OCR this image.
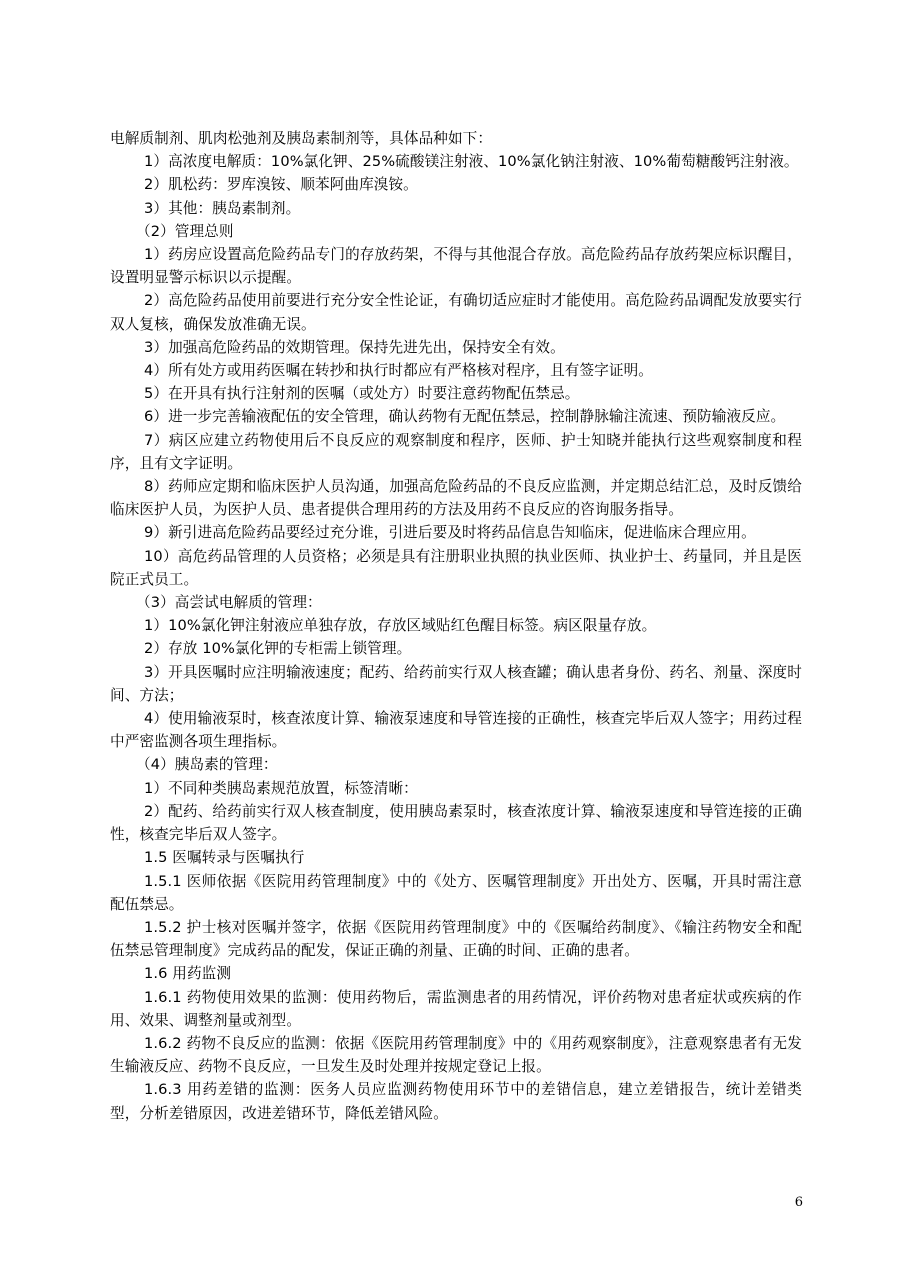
电解质制剂、肌肉松弛剂及胰岛素制剂等，具体品种如下：

1）高浓度电解质：10%氯化钾、25%硫酸镁注射液、10%氯化钠注射液、10%葡萄糖酸钙注射液。

2）肌松药：罗库溴铵、顺苯阿曲库溴铵。

3）其他：胰岛素制剂。

（2）管理总则

1）药房应设置高危险药品专门的存放药架，不得与其他混合存放。高危险药品存放药架应标识醒目，设置明显警示标识以示提醒。

2）高危险药品使用前要进行充分安全性论证，有确切适应症时才能使用。高危险药品调配发放要实行双人复核，确保发放准确无误。

3）加强高危险药品的效期管理。保持先进先出，保持安全有效。

4）所有处方或用药医嘱在转抄和执行时都应有严格核对程序，且有签字证明。

5）在开具有执行注射剂的医嘱（或处方）时要注意药物配伍禁忌。

6）进一步完善输液配伍的安全管理，确认药物有无配伍禁忌，控制静脉输注流速、预防输液反应。

7）病区应建立药物使用后不良反应的观察制度和程序，医师、护士知晓并能执行这些观察制度和程序，且有文字证明。

8）药师应定期和临床医护人员沟通，加强高危险药品的不良反应监测，并定期总结汇总，及时反馈给临床医护人员，为医护人员、患者提供合理用药的方法及用药不良反应的咨询服务指导。

9）新引进高危险药品要经过充分谁，引进后要及时将药品信息告知临床，促进临床合理应用。

10）高危药品管理的人员资格；必须是具有注册职业执照的执业医师、执业护士、药量同，并且是医院正式员工。

（3）高尝试电解质的管理：

1）10%氯化钾注射液应单独存放，存放区域贴红色醒目标签。病区限量存放。

2）存放 10%氯化钾的专柜需上锁管理。

3）开具医嘱时应注明输液速度；配药、给药前实行双人核查罐；确认患者身份、药名、剂量、深度时间、方法；

4）使用输液泵时，核查浓度计算、输液泵速度和导管连接的正确性，核查完毕后双人签字；用药过程中严密监测各项生理指标。

（4）胰岛素的管理：

1）不同种类胰岛素规范放置，标签清晰：

2）配药、给药前实行双人核查制度，使用胰岛素泵时，核查浓度计算、输液泵速度和导管连接的正确性，核查完毕后双人签字。

1.5 医嘱转录与医嘱执行

1.5.1 医师依据《医院用药管理制度》中的《处方、医嘱管理制度》开出处方、医嘱，开具时需注意配伍禁忌。

1.5.2 护士核对医嘱并签字，依据《医院用药管理制度》中的《医嘱给药制度》、《输注药物安全和配伍禁忌管理制度》完成药品的配发，保证正确的剂量、正确的时间、正确的患者。

1.6 用药监测

1.6.1 药物使用效果的监测：使用药物后，需监测患者的用药情况，评价药物对患者症状或疾病的作用、效果、调整剂量或剂型。

1.6.2 药物不良反应的监测：依据《医院用药管理制度》中的《用药观察制度》，注意观察患者有无发生输液反应、药物不良反应，一旦发生及时处理并按规定登记上报。

1.6.3 用药差错的监测：医务人员应监测药物使用环节中的差错信息，建立差错报告，统计差错类型，分析差错原因，改进差错环节，降低差错风险。

6
